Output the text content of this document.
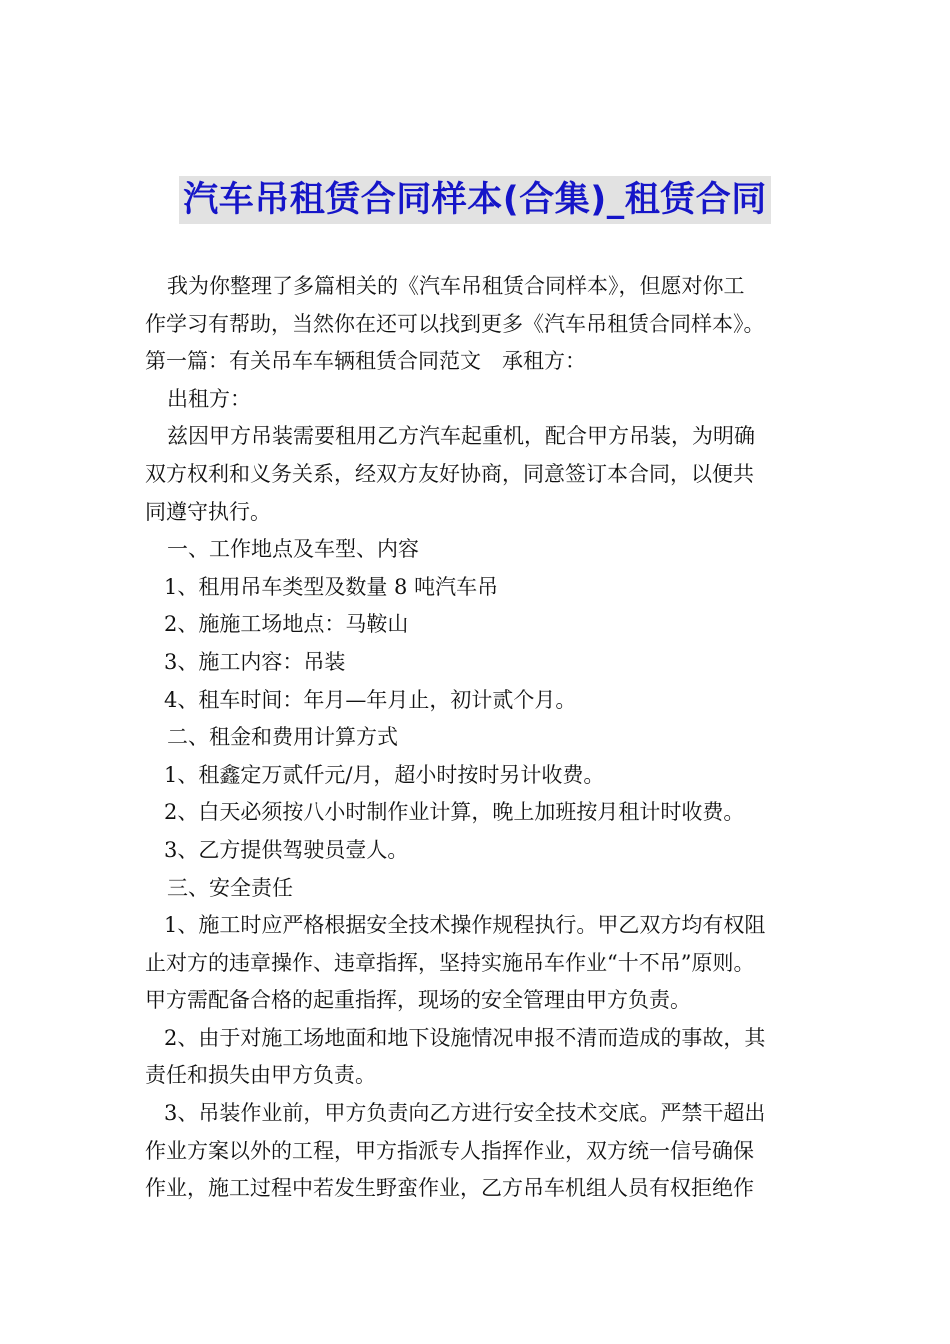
汽车吊租赁合同样本(合集)_租赁合同
我为你整理了多篇相关的《汽车吊租赁合同样本》，但愿对你工
作学习有帮助，当然你在还可以找到更多《汽车吊租赁合同样本》。
第一篇：有关吊车车辆租赁合同范文　承租方：
出租方：
兹因甲方吊装需要租用乙方汽车起重机，配合甲方吊装，为明确
双方权利和义务关系，经双方友好协商，同意签订本合同，以便共
同遵守执行。
一、工作地点及车型、内容
1、租用吊车类型及数量 8 吨汽车吊
2、施施工场地点：马鞍山
3、施工内容：吊装
4、租车时间：年月—年月止，初计贰个月。
二、租金和费用计算方式
1、租鑫定万贰仟元/月，超小时按时另计收费。
2、白天必须按八小时制作业计算，晚上加班按月租计时收费。
3、乙方提供驾驶员壹人。
三、安全责任
1、施工时应严格根据安全技术操作规程执行。甲乙双方均有权阻
止对方的违章操作、违章指挥，坚持实施吊车作业“十不吊”原则。
甲方需配备合格的起重指挥，现场的安全管理由甲方负责。
2、由于对施工场地面和地下设施情况申报不清而造成的事故，其
责任和损失由甲方负责。
3、吊装作业前，甲方负责向乙方进行安全技术交底。严禁干超出
作业方案以外的工程，甲方指派专人指挥作业，双方统一信号确保
作业，施工过程中若发生野蛮作业，乙方吊车机组人员有权拒绝作
